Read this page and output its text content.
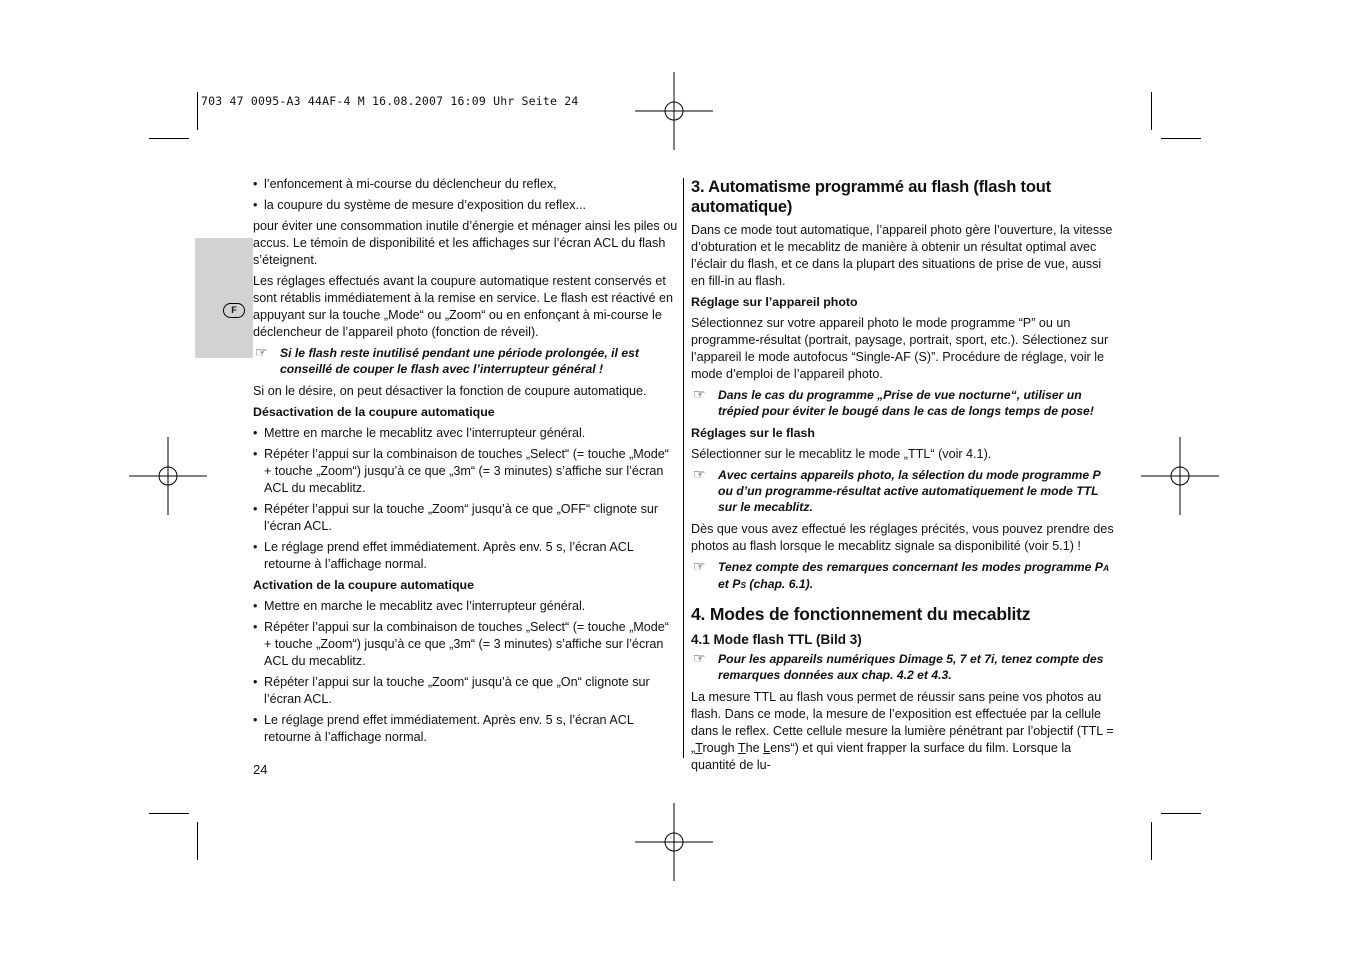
703 47 0095-A3 44AF-4 M 16.08.2007 16:09 Uhr Seite 24
F
• l’enfoncement à mi-course du déclencheur du reflex,
• la coupure du système de mesure d’exposition du reflex...

pour éviter une consommation inutile d’énergie et ménager ainsi les piles ou accus. Le témoin de disponibilité et les affichages sur l’écran ACL du flash s’éteignent.

Les réglages effectués avant la coupure automatique restent conservés et sont rétablis immédiatement à la remise en service. Le flash est réactivé en appuyant sur la touche „Mode“ ou „Zoom“ ou en enfonçant à mi-course le déclencheur de l’appareil photo (fonction de réveil).

☞ Si le flash reste inutilisé pendant une période prolongée, il est conseillé de couper le flash avec l’interrupteur général !

Si on le désire, on peut désactiver la fonction de coupure automatique.

Désactivation de la coupure automatique
• Mettre en marche le mecablitz avec l’interrupteur général.
• Répéter l’appui sur la combinaison de touches „Select“ (= touche „Mode“ + touche „Zoom“) jusqu’à ce que „3m“ (= 3 minutes) s’affiche sur l’écran ACL du mecablitz.
• Répéter l’appui sur la touche „Zoom“ jusqu’à ce que „OFF“ clignote sur l’écran ACL.
• Le réglage prend effet immédiatement. Après env. 5 s, l’écran ACL retourne à l’affichage normal.
Activation de la coupure automatique
• Mettre en marche le mecablitz avec l’interrupteur général.
• Répéter l’appui sur la combinaison de touches „Select“ (= touche „Mode“ + touche „Zoom“) jusqu’à ce que „3m“ (= 3 minutes) s’affiche sur l’écran ACL du mecablitz.
• Répéter l’appui sur la touche „Zoom“ jusqu’à ce que „On“ clignote sur l’écran ACL.
• Le réglage prend effet immédiatement. Après env. 5 s, l’écran ACL retourne à l’affichage normal.
24
3. Automatisme programmé au flash (flash tout automatique)

Dans ce mode tout automatique, l’appareil photo gère l’ouverture, la vitesse d’obturation et le mecablitz de manière à obtenir un résultat optimal avec l’éclair du flash, et ce dans la plupart des situations de prise de vue, aussi en fill-in au flash.

Réglage sur l’appareil photo

Sélectionnez sur votre appareil photo le mode programme “P” ou un programme-résultat (portrait, paysage, portrait, sport, etc.). Sélectionez sur l’appareil le mode autofocus “Single-AF (S)”. Procédure de réglage, voir le mode d’emploi de l’appareil photo.

☞ Dans le cas du programme „Prise de vue nocturne“, utiliser un trépied pour éviter le bougé dans le cas de longs temps de pose!
Réglages sur le flash

Sélectionner sur le mecablitz le mode „TTL“ (voir 4.1).

☞ Avec certains appareils photo, la sélection du mode programme P ou d’un programme-résultat active automatiquement le mode TTL sur le mecablitz.

Dès que vous avez effectué les réglages précités, vous pouvez prendre des photos au flash lorsque le mecablitz signale sa disponibilité (voir 5.1) !

☞ Tenez compte des remarques concernant les modes programme PA et PS (chap. 6.1).
4. Modes de fonctionnement du mecablitz
4.1 Mode flash TTL (Bild 3)
☞ Pour les appareils numériques Dimage 5, 7 et 7i, tenez compte des remarques données aux chap. 4.2 et 4.3.

La mesure TTL au flash vous permet de réussir sans peine vos photos au flash. Dans ce mode, la mesure de l’exposition est effectuée par la cellule dans le reflex. Cette cellule mesure la lumière pénétrant par l’objectif (TTL = „Trough The Lens“) et qui vient frapper la surface du film. Lorsque la quantité de lu-
